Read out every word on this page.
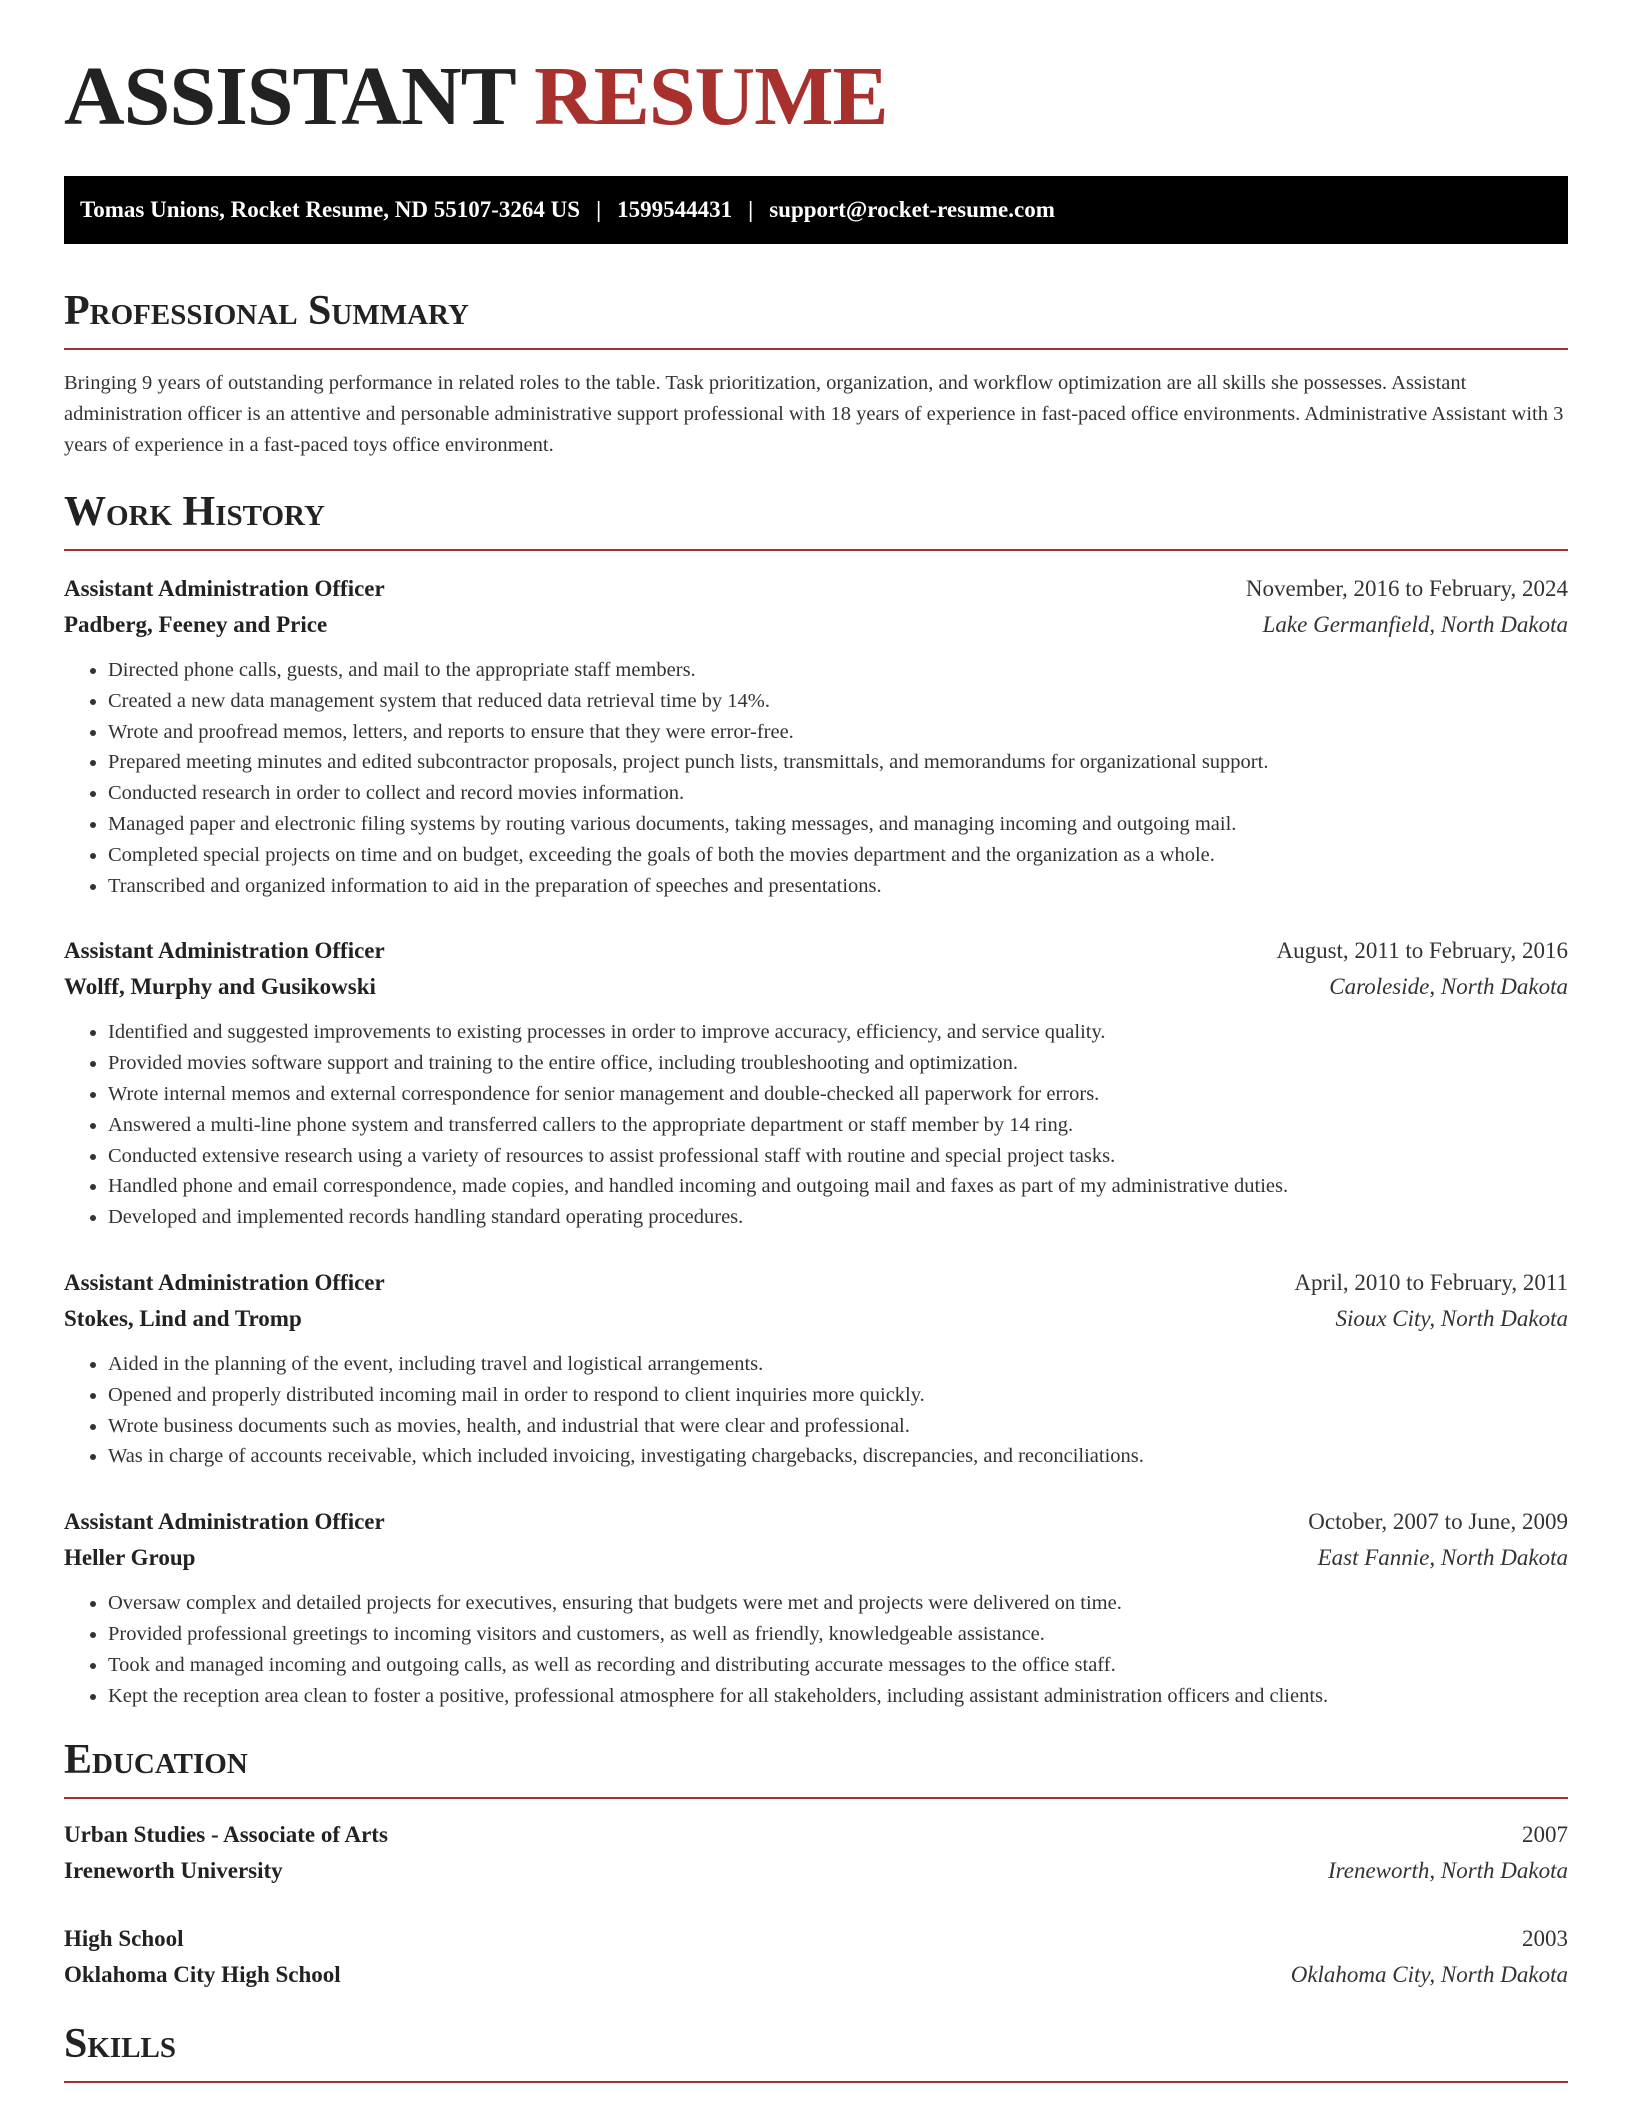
ASSISTANT RESUME
Tomas Unions, Rocket Resume, ND 55107-3264 US | 1599544431 | support@rocket-resume.com
Professional Summary

Bringing 9 years of outstanding performance in related roles to the table. Task prioritization, organization, and workflow optimization are all skills she possesses. Assistant administration officer is an attentive and personable administrative support professional with 18 years of experience in fast-paced office environments. Administrative Assistant with 3 years of experience in a fast-paced toys office environment.

Work History
Assistant Administration Officer	November, 2016 to February, 2024
Padberg, Feeney and Price	Lake Germanfield, North Dakota
• Directed phone calls, guests, and mail to the appropriate staff members.
• Created a new data management system that reduced data retrieval time by 14%.
• Wrote and proofread memos, letters, and reports to ensure that they were error-free.
• Prepared meeting minutes and edited subcontractor proposals, project punch lists, transmittals, and memorandums for organizational support.
• Conducted research in order to collect and record movies information.
• Managed paper and electronic filing systems by routing various documents, taking messages, and managing incoming and outgoing mail.
• Completed special projects on time and on budget, exceeding the goals of both the movies department and the organization as a whole.
• Transcribed and organized information to aid in the preparation of speeches and presentations.
Assistant Administration Officer	August, 2011 to February, 2016
Wolff, Murphy and Gusikowski	Caroleside, North Dakota
• Identified and suggested improvements to existing processes in order to improve accuracy, efficiency, and service quality.
• Provided movies software support and training to the entire office, including troubleshooting and optimization.
• Wrote internal memos and external correspondence for senior management and double-checked all paperwork for errors.
• Answered a multi-line phone system and transferred callers to the appropriate department or staff member by 14 ring.
• Conducted extensive research using a variety of resources to assist professional staff with routine and special project tasks.
• Handled phone and email correspondence, made copies, and handled incoming and outgoing mail and faxes as part of my administrative duties.
• Developed and implemented records handling standard operating procedures.
Assistant Administration Officer	April, 2010 to February, 2011
Stokes, Lind and Tromp	Sioux City, North Dakota
• Aided in the planning of the event, including travel and logistical arrangements.
• Opened and properly distributed incoming mail in order to respond to client inquiries more quickly.
• Wrote business documents such as movies, health, and industrial that were clear and professional.
• Was in charge of accounts receivable, which included invoicing, investigating chargebacks, discrepancies, and reconciliations.
Assistant Administration Officer	October, 2007 to June, 2009
Heller Group	East Fannie, North Dakota
• Oversaw complex and detailed projects for executives, ensuring that budgets were met and projects were delivered on time.
• Provided professional greetings to incoming visitors and customers, as well as friendly, knowledgeable assistance.
• Took and managed incoming and outgoing calls, as well as recording and distributing accurate messages to the office staff.
• Kept the reception area clean to foster a positive, professional atmosphere for all stakeholders, including assistant administration officers and clients.
Education
Urban Studies - Associate of Arts	2007
Ireneworth University	Ireneworth, North Dakota
High School	2003
Oklahoma City High School	Oklahoma City, North Dakota
Skills
